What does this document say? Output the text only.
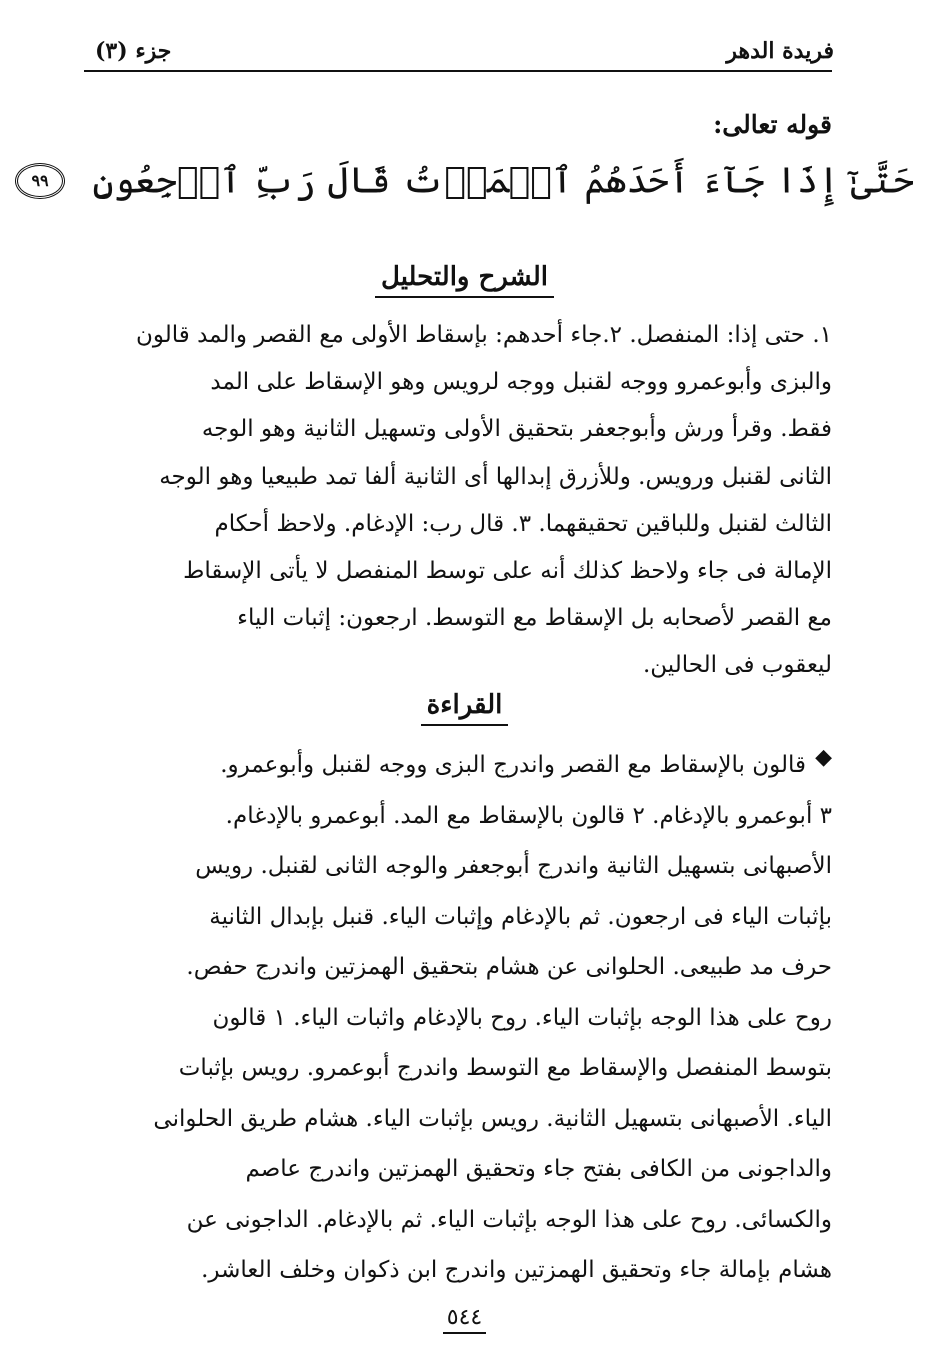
فريدة الدهر
جزء (٣)
قوله تعالى:
حَتَّىٰٓ إِذَا جَآءَ أَحَدَهُمُ ٱلۡمَوۡتُ قَالَ رَبِّ ٱرۡجِعُونِ ٩٩
الشرح والتحليل
١. حتى إذا: المنفصل. ٢.جاء أحدهم: بإسقاط الأولى مع القصر والمد قالون
والبزى وأبوعمرو ووجه لقنبل ووجه لرويس وهو الإسقاط على المد
فقط. وقرأ ورش وأبوجعفر بتحقيق الأولى وتسهيل الثانية وهو الوجه
الثانى لقنبل ورويس. وللأزرق إبدالها أى الثانية ألفا تمد طبيعيا وهو الوجه
الثالث لقنبل وللباقين تحقيقهما. ٣. قال رب: الإدغام. ولاحظ أحكام
الإمالة فى جاء ولاحظ كذلك أنه على توسط المنفصل لا يأتى الإسقاط
مع القصر لأصحابه بل الإسقاط مع التوسط. ارجعون: إثبات الياء
ليعقوب فى الحالين.
القراءة
◆
قالون بالإسقاط مع القصر واندرج البزى ووجه لقنبل وأبوعمرو.
٣ أبوعمرو بالإدغام. ٢ قالون بالإسقاط مع المد. أبوعمرو بالإدغام.
الأصبهانى بتسهيل الثانية واندرج أبوجعفر والوجه الثانى لقنبل. رويس
بإثبات الياء فى ارجعون. ثم بالإدغام وإثبات الياء. قنبل بإبدال الثانية
حرف مد طبيعى. الحلوانى عن هشام بتحقيق الهمزتين واندرج حفص.
روح على هذا الوجه بإثبات الياء. روح بالإدغام واثبات الياء. ١ قالون
بتوسط المنفصل والإسقاط مع التوسط واندرج أبوعمرو. رويس بإثبات
الياء. الأصبهانى بتسهيل الثانية. رويس بإثبات الياء. هشام طريق الحلوانى
والداجونى من الكافى بفتح جاء وتحقيق الهمزتين واندرج عاصم
والكسائى. روح على هذا الوجه بإثبات الياء. ثم بالإدغام. الداجونى عن
هشام بإمالة جاء وتحقيق الهمزتين واندرج ابن ذكوان وخلف العاشر.
٥٤٤
